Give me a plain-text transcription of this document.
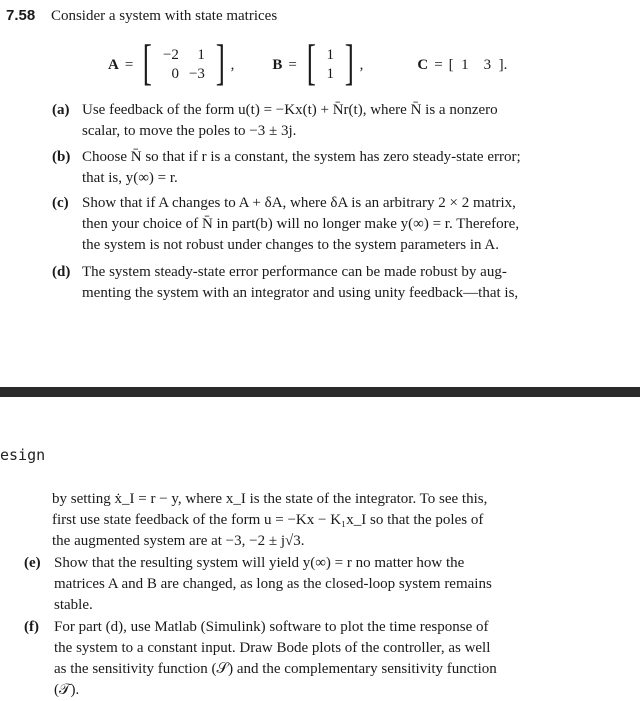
7.58 Consider a system with state matrices
A = [ −2	1
0	−3 ] ,	B = [ 1
1 ] ,	C = [  1 3  ].
(a) Use feedback of the form u(t) = −Kx(t) + N̄r(t), where N̄ is a nonzero
scalar, to move the poles to −3 ± 3j.
(b) Choose N̄ so that if r is a constant, the system has zero steady-state error;
that is, y(∞) = r.
(c) Show that if A changes to A + δA, where δA is an arbitrary 2 × 2 matrix,
then your choice of N̄ in part(b) will no longer make y(∞) = r. Therefore,
the system is not robust under changes to the system parameters in A.
(d) The system steady-state error performance can be made robust by aug-
menting the system with an integrator and using unity feedback—that is,
esign
by setting ẋ_I = r − y, where x_I is the state of the integrator. To see this,
first use state feedback of the form u = −Kx − K₁x_I so that the poles of
the augmented system are at −3, −2 ± j√3.
(e) Show that the resulting system will yield y(∞) = r no matter how the
matrices A and B are changed, as long as the closed-loop system remains
stable.
(f) For part (d), use Matlab (Simulink) software to plot the time response of
the system to a constant input. Draw Bode plots of the controller, as well
as the sensitivity function (𝒮) and the complementary sensitivity function
(𝒯).
